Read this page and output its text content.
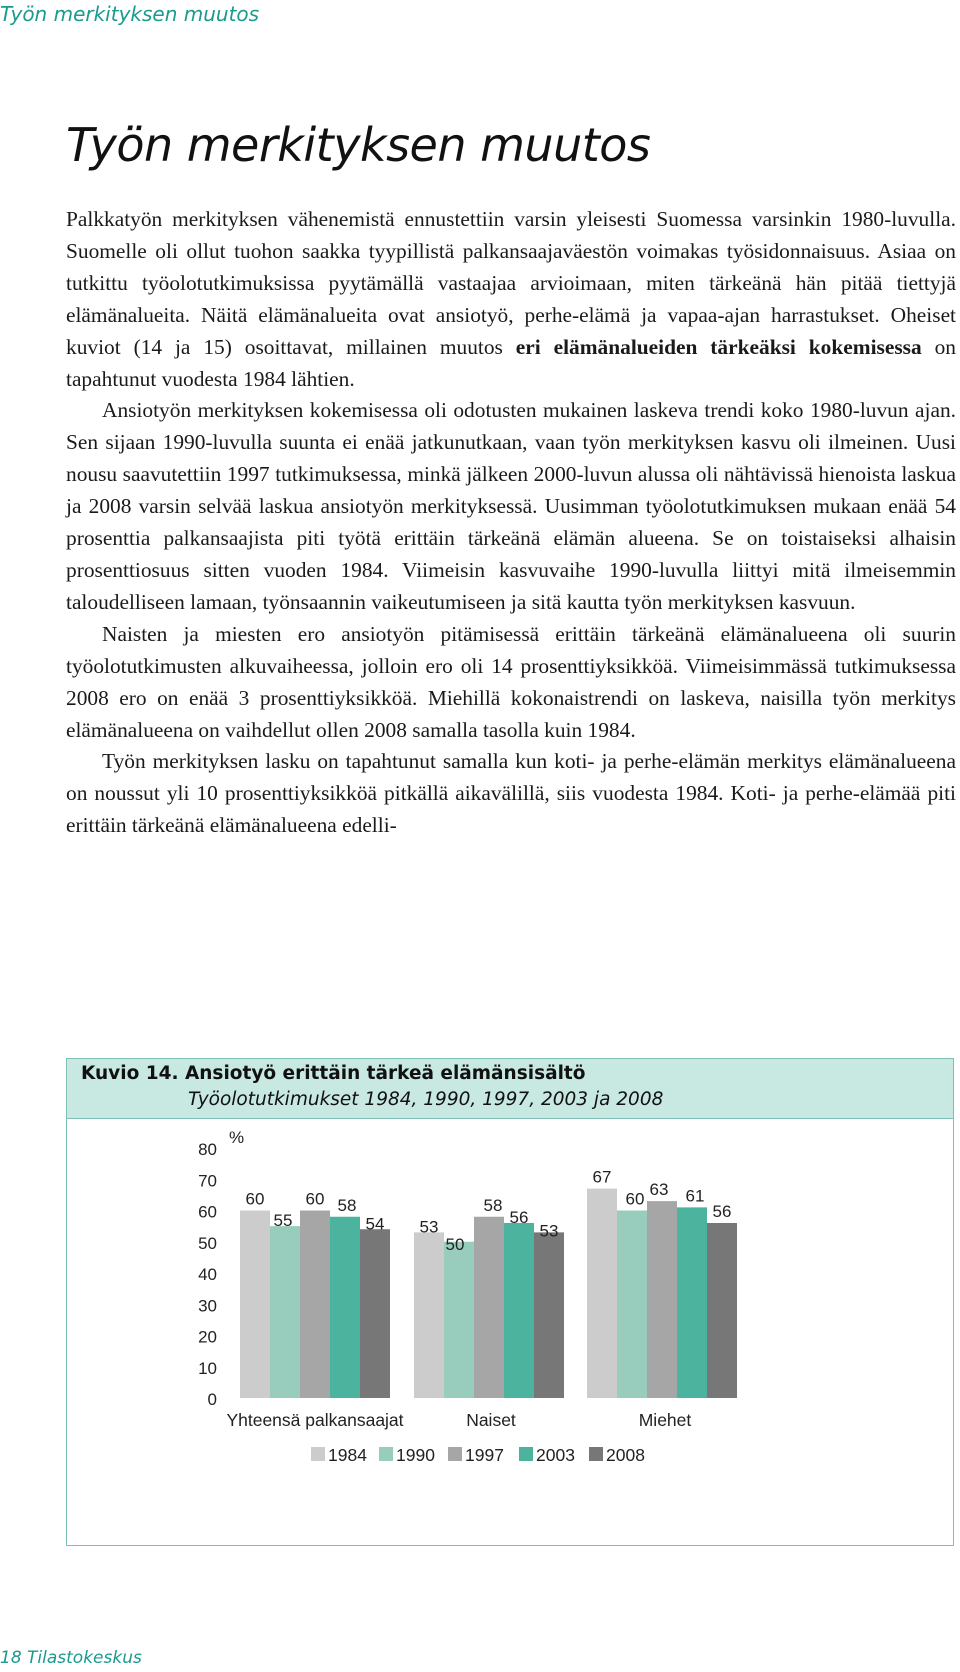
Työn merkityksen muutos
Työn merkityksen muutos

Palkkatyön merkityksen vähenemistä ennustettiin varsin yleisesti Suomessa varsinkin 1980-luvulla. Suomelle oli ollut tuohon saakka tyypillistä palkansaajaväestön voimakas työsidonnaisuus. Asiaa on tutkittu työolotutkimuksissa pyytämällä vastaajaa arvioimaan, miten tärkeänä hän pitää tiettyjä elämänalueita. Näitä elämänalueita ovat ansiotyö, perhe-elämä ja vapaa-ajan harrastukset. Oheiset kuviot (14 ja 15) osoittavat, millainen muutos eri elämänalueiden tärkeäksi kokemisessa on tapahtunut vuodesta 1984 lähtien.

Ansiotyön merkityksen kokemisessa oli odotusten mukainen laskeva trendi koko 1980-luvun ajan. Sen sijaan 1990-luvulla suunta ei enää jatkunutkaan, vaan työn merkityksen kasvu oli ilmeinen. Uusi nousu saavutettiin 1997 tutkimuksessa, minkä jälkeen 2000-luvun alussa oli nähtävissä hienoista laskua ja 2008 varsin selvää laskua ansiotyön merkityksessä. Uusimman työolotutkimuksen mukaan enää 54 prosenttia palkansaajista piti työtä erittäin tärkeänä elämän alueena. Se on toistaiseksi alhaisin prosenttiosuus sitten vuoden 1984. Viimeisin kasvuvaihe 1990-luvulla liittyi mitä ilmeisemmin taloudelliseen lamaan, työnsaannin vaikeutumiseen ja sitä kautta työn merkityksen kasvuun.

Naisten ja miesten ero ansiotyön pitämisessä erittäin tärkeänä elämänalueena oli suurin työolotutkimusten alkuvaiheessa, jolloin ero oli 14 prosenttiyksikköä. Viimeisimmässä tutkimuksessa 2008 ero on enää 3 prosenttiyksikköä. Miehillä kokonaistrendi on laskeva, naisilla työn merkitys elämänalueena on vaihdellut ollen 2008 samalla tasolla kuin 1984.

Työn merkityksen lasku on tapahtunut samalla kun koti- ja perhe-elämän merkitys elämänalueena on noussut yli 10 prosenttiyksikköä pitkällä aikavälillä, siis vuodesta 1984. Koti- ja perhe-elämää piti erittäin tärkeänä elämänalueena edelli-

Kuvio 14. Ansiotyö erittäin tärkeä elämänsisältö
Työolotutkimukset 1984, 1990, 1997, 2003 ja 2008
0
10
20
30
40
50
60
70
80
%
60
55
60 58
54 53
50
58
56
53
67
60 63 61
56
Yhteensä palkansaajat	Naiset	Miehet
1984 1990 1997 2003 2008
18 Tilastokeskus
